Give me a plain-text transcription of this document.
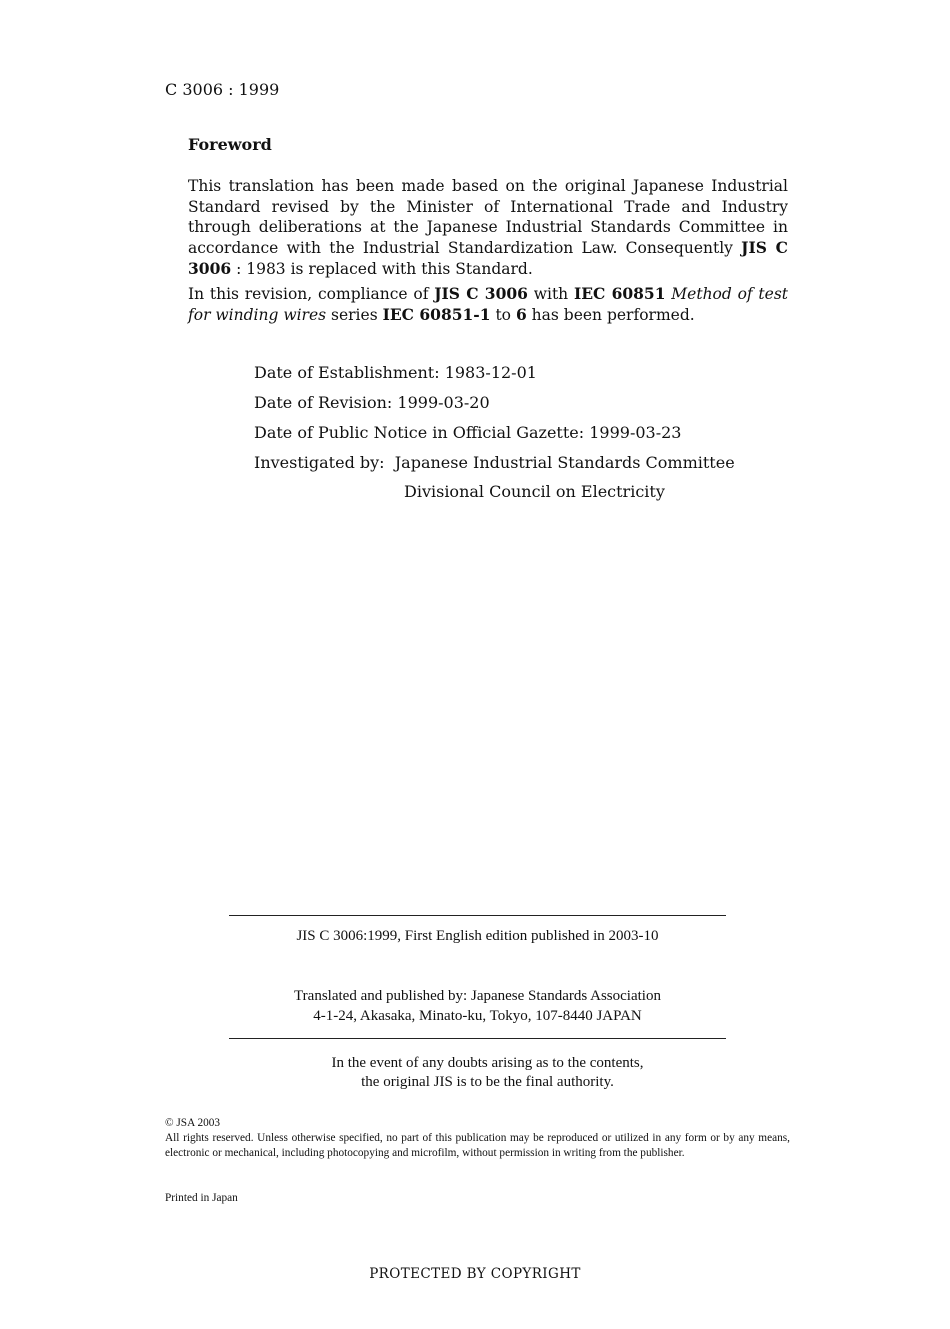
C 3006 : 1999
Foreword

This translation has been made based on the original Japanese Industrial Standard revised by the Minister of International Trade and Industry through deliberations at the Japanese Industrial Standards Committee in accordance with the Industrial Standardization Law. Consequently JIS C 3006 : 1983 is replaced with this Standard.

In this revision, compliance of JIS C 3006 with IEC 60851 Method of test for winding wires series IEC 60851-1 to 6 has been performed.

Date of Establishment: 1983-12-01
Date of Revision: 1999-03-20
Date of Public Notice in Official Gazette: 1999-03-23
Investigated by:  Japanese Industrial Standards Committee
Divisional Council on Electricity
JIS C 3006:1999, First English edition published in 2003-10
Translated and published by: Japanese Standards Association
4-1-24, Akasaka, Minato-ku, Tokyo, 107-8440 JAPAN
In the event of any doubts arising as to the contents,
the original JIS is to be the final authority.
© JSA 2003
All rights reserved. Unless otherwise specified, no part of this publication may be reproduced or utilized in any form or by any means, electronic or mechanical, including photocopying and microfilm, without permission in writing from the publisher.
Printed in Japan
PROTECTED BY COPYRIGHT
